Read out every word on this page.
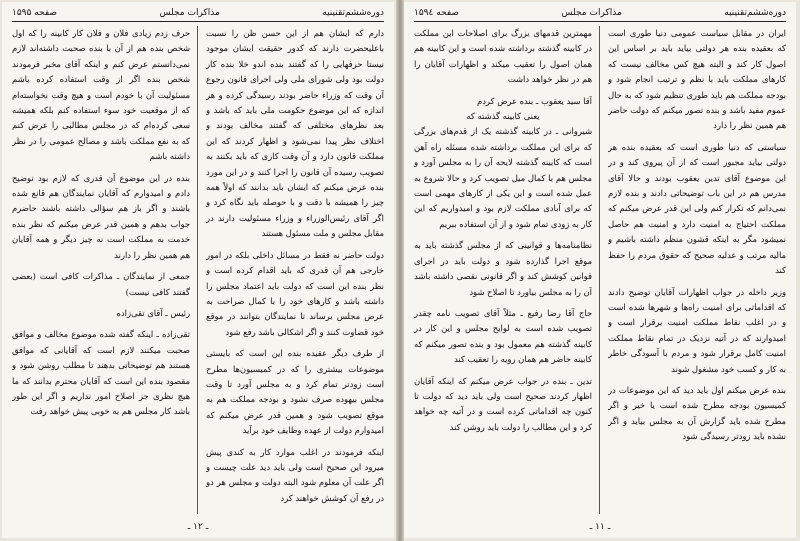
دوره‌ششم‌تقنینیه
مذاکرات مجلس
صفحه ۱۵۹۵

دارم که ایشان هم از این حسن ظن را نسبت باعلیحضرت دارند که کدور حقیقت ایشان موجود نیستا حرفهایی را که گفتند بنده اندو خلا بنده کار دولت بود ولی شورای ملی ولی اجرای قانون رجوع آن وقت که وزراء حاضر بودند رسیدگی کرده و هر اندازه که این موضوع حکومت ملی باید که باشد و بعد نظرهای مختلفی که گفتند مخالف بودند و اختلاف نظر پیدا نمی‌شود و اظهار کردند که این مملکت قانون دارد و آن وقت کاری که باید بکنند به تصویب رسیده آن قانون را اجرا کنند و در این مورد بنده عرض میکنم که ایشان باید بدانند که اولاً همه چیز را همیشه با دقت و با حوصله باید نگاه کرد و اگر آقای رئیس‌الوزراء و وزراء مسئولیت دارند در مقابل مجلس و ملت مسئول هستند

دولت حاضر نه فقط در مسائل داخلی بلکه در امور خارجی هم آن قدری که باید اقدام کرده است و نظر بنده این است که دولت باید اعتماد مجلس را داشته باشد و کارهای خود را با کمال صراحت به عرض مجلس برساند تا نمایندگان بتوانند در موقع خود قضاوت کنند و اگر اشکالی باشد رفع شود

از طرف دیگر عقیده بنده این است که بایستی موضوعات بیشتری را که در کمیسیون‌ها مطرح است زودتر تمام کرد و به مجلس آورد تا وقت مجلس بیهوده صرف نشود و بودجه مملکت هم به موقع تصویب شود و همین قدر عرض میکنم که امیدوارم دولت از عهده وظایف خود برآید

اینکه فرمودند در اغلب موارد کار به کندی پیش میرود این صحیح است ولی باید دید علت چیست و اگر علت آن معلوم شود البته دولت و مجلس هر دو در رفع آن کوشش خواهند کرد

حرف زدم زیادی فلان و فلان کار کابینه را که اول شخص بنده هم از آن با بنده صحبت داشته‌اند لازم نمی‌دانستم عرض کنم و اینکه آقای مخبر فرمودند شخص بنده اگر از وقت استفاده کرده باشم مسئولیت آن با خودم است و هیچ وقت نخواسته‌ام که از موقعیت خود سوء استفاده کنم بلکه همیشه سعی کرده‌ام که در مجلس مطالبی را عرض کنم که به نفع مملکت باشد و مصالح عمومی را در نظر داشته باشم

بنده در این موضوع آن قدری که لازم بود توضیح دادم و امیدوارم که آقایان نمایندگان هم قانع شده باشند و اگر باز هم سؤالی داشته باشند حاضرم جواب بدهم و همین قدر عرض میکنم که نظر بنده خدمت به مملکت است نه چیز دیگر و همه آقایان هم همین نظر را دارند

جمعی از نمایندگان ـ مذاکرات کافی است (بعضی گفتند کافی نیست)

رئیس ـ آقای تقی‌زاده

تقی‌زاده ـ اینکه گفته شده موضوع مخالف و موافق صحبت میکنند لازم است که آقایانی که موافق هستند هم توضیحاتی بدهند تا مطلب روشن شود و مقصود بنده این است که آقایان محترم بدانند که ما هیچ نظری جز اصلاح امور نداریم و اگر این طور باشد کار مجلس هم به خوبی پیش خواهد رفت

ـ ۱۲ ـ
دوره‌ششم‌تقنینیه
مذاکرات مجلس
صفحه ۱۵۹٤

ایران در مقابل سیاست عمومی دنیا طوری است که بعقیده بنده هر دولتی بیاید باید بر اساس این اصول کار کند و البته هیچ کس مخالف نیست که کارهای مملکت باید با نظم و ترتیب انجام شود و بودجه مملکت هم باید طوری تنظیم شود که به حال عموم مفید باشد و بنده تصور میکنم که دولت حاضر هم همین نظر را دارد

سیاستی که دنیا طوری است که بعقیده بنده هر دولتی بیاید مجبور است که از آن پیروی کند و در این موضوع آقای تدین یعقوب بودند و حالا آقای مدرس هم در این باب توضیحاتی دادند و بنده لازم نمی‌دانم که تکرار کنم ولی این قدر عرض میکنم که مملکت احتیاج به امنیت دارد و امنیت هم حاصل نمیشود مگر به اینکه قشون منظم داشته باشیم و مالیه مرتب و عدلیه صحیح که حقوق مردم را حفظ کند

وزیر داخله در جواب اظهارات آقایان توضیح دادند که اقداماتی برای امنیت راه‌ها و شهرها شده است و در اغلب نقاط مملکت امنیت برقرار است و امیدوارند که در آتیه نزدیک در تمام نقاط مملکت امنیت کامل برقرار شود و مردم با آسودگی خاطر به کار و کسب خود مشغول شوند

بنده عرض میکنم اول باید دید که این موضوعات در کمیسیون بودجه مطرح شده است یا خیر و اگر مطرح شده باید گزارش آن به مجلس بیاید و اگر نشده باید زودتر رسیدگی شود

مهمترین قدمهای بزرگ برای اصلاحات این مملکت در کابینه گذشته برداشته شده است و این کابینه هم همان اصول را تعقیب میکند و اظهارات آقایان را هم در نظر خواهد داشت

آقا سید یعقوب ـ بنده عرض کردم

یعنی کابینه گذشته که

شیروانی ـ در کابینه گذشته یک از قدم‌های بزرگی که برای این مملکت برداشته شده مسئله راه آهن است که کابینه گذشته لایحه آن را به مجلس آورد و مجلس هم با کمال میل تصویب کرد و حالا شروع به عمل شده است و این یکی از کارهای مهمی است که برای آبادی مملکت لازم بود و امیدواریم که این کار به زودی تمام شود و از آن استفاده ببریم

نظامنامه‌ها و قوانینی که از مجلس گذشته باید به موقع اجرا گذارده شود و دولت باید در اجرای قوانین کوشش کند و اگر قانونی نقصی داشته باشد آن را به مجلس بیاورد تا اصلاح شود

حاج آقا رضا رفیع ـ مثلاً آقای تصویب نامه چقدر تصویب شده است به لوایح مجلس و این کار در کابینه گذشته هم معمول بود و بنده تصور میکنم که کابینه حاضر هم همان رویه را تعقیب کند

تدین ـ بنده در جواب عرض میکنم که اینکه آقایان اظهار کردند صحیح است ولی باید دید که دولت تا کنون چه اقداماتی کرده است و در آتیه چه خواهد کرد و این مطالب را دولت باید روشن کند

ـ ۱۱ ـ
